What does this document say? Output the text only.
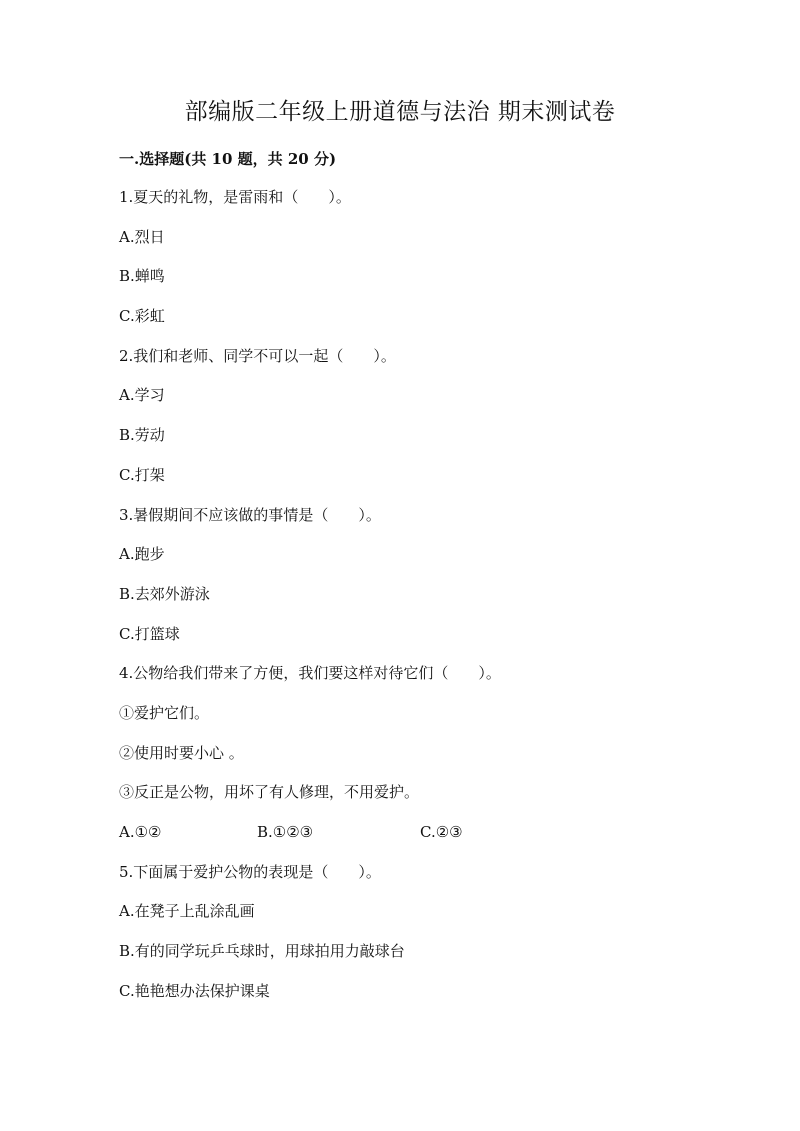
部编版二年级上册道德与法治 期末测试卷
一.选择题(共 10 题，共 20 分)
1.夏天的礼物，是雷雨和（　　）。
A.烈日
B.蝉鸣
C.彩虹
2.我们和老师、同学不可以一起（　　）。
A.学习
B.劳动
C.打架
3.暑假期间不应该做的事情是（　　）。
A.跑步
B.去郊外游泳
C.打篮球
4.公物给我们带来了方便，我们要这样对待它们（　　）。
①爱护它们。
②使用时要小心 。
③反正是公物，用坏了有人修理，不用爱护。
A.①②	B.①②③	C.②③
5.下面属于爱护公物的表现是（　　）。
A.在凳子上乱涂乱画
B.有的同学玩乒乓球时，用球拍用力敲球台
C.艳艳想办法保护课桌
